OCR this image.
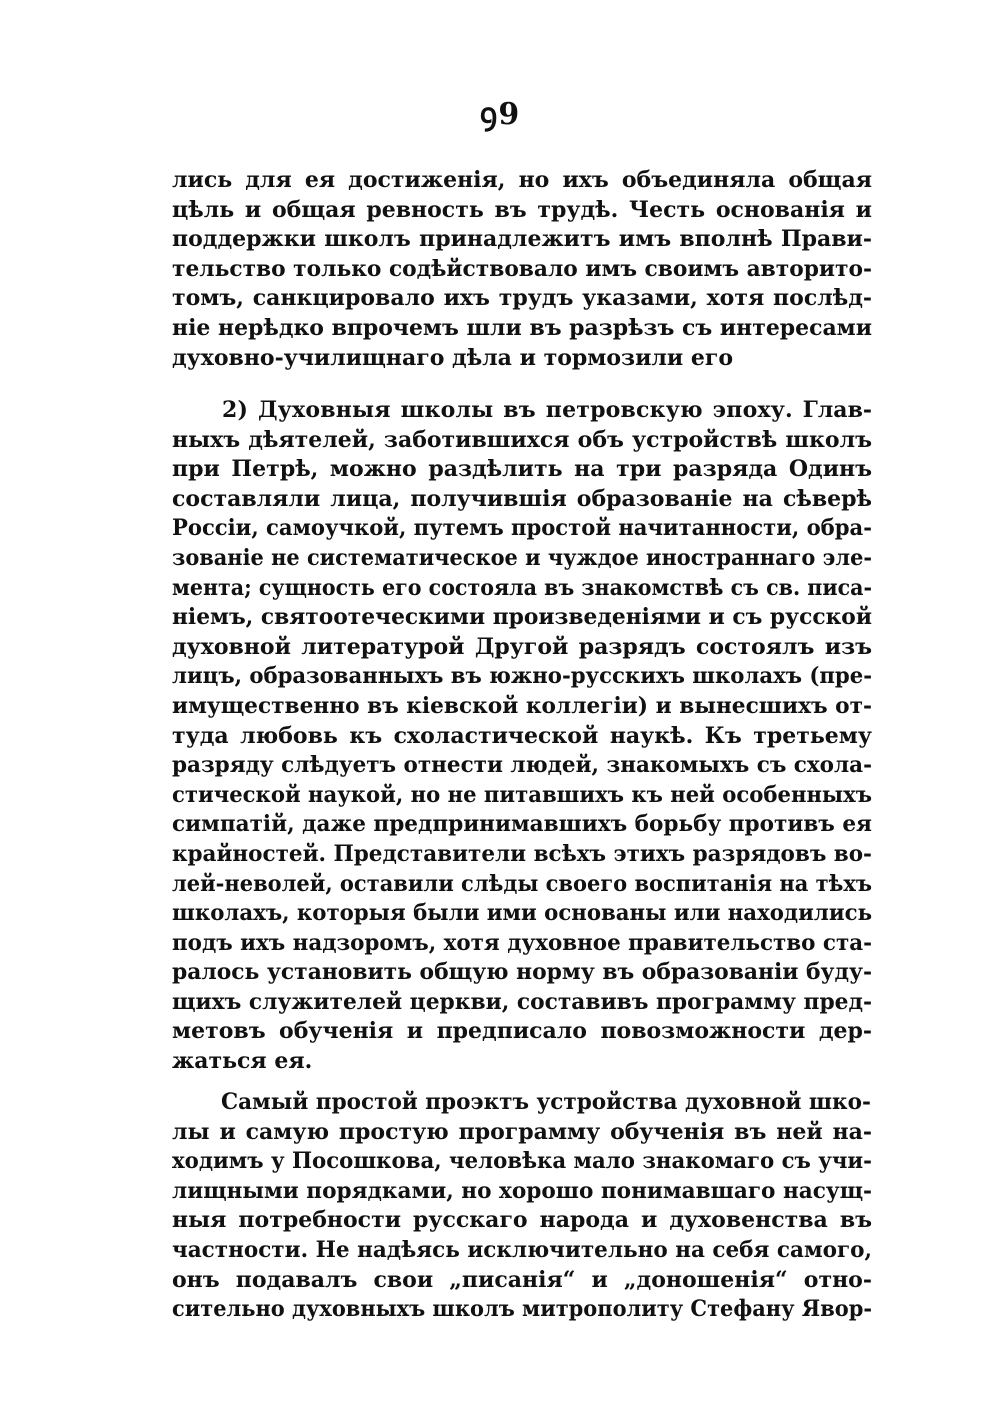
ꝯ9
лись для ея достиженія, но ихъ объединяла общая
цѣль и общая ревность въ трудѣ. Честь основанія и
поддержки школъ принадлежитъ имъ вполнѣ Прави-
тельство только содѣйствовало имъ своимъ авторито-
томъ, санкцировало ихъ трудъ указами, хотя послѣд-
ніе нерѣдко впрочемъ шли въ разрѣзъ съ интересами
духовно-училищнаго дѣла и тормозили его
2) Духовныя школы въ петровскую эпоху. Глав-
ныхъ дѣятелей, заботившихся объ устройствѣ школъ
при Петрѣ, можно раздѣлить на три разряда Одинъ
составляли лица, получившія образованіе на сѣверѣ
Россіи, самоучкой, путемъ простой начитанности, обра-
зованіе не систематическое и чуждое иностраннаго эле-
мента; сущность его состояла въ знакомствѣ съ св. писа-
ніемъ, святоотеческими произведеніями и съ русской
духовной литературой Другой разрядъ состоялъ изъ
лицъ, образованныхъ въ южно-русскихъ школахъ (пре-
имущественно въ кіевской коллегіи) и вынесшихъ от-
туда любовь къ схоластической наукѣ. Къ третьему
разряду слѣдуетъ отнести людей, знакомыхъ съ схола-
стической наукой, но не питавшихъ къ ней особенныхъ
симпатій, даже предпринимавшихъ борьбу противъ ея
крайностей. Представители всѣхъ этихъ разрядовъ во-
лей-неволей, оставили слѣды своего воспитанія на тѣхъ
школахъ, которыя были ими основаны или находились
подъ ихъ надзоромъ, хотя духовное правительство ста-
ралось установить общую норму въ образованіи буду-
щихъ служителей церкви, составивъ программу пред-
метовъ обученія и предписало повозможности дер-
жаться ея.
Самый простой проэктъ устройства духовной шко-
лы и самую простую программу обученія въ ней на-
ходимъ у Посошкова, человѣка мало знакомаго съ учи-
лищными порядками, но хорошо понимавшаго насущ-
ныя потребности русскаго народа и духовенства въ
частности. Не надѣясь исключительно на себя самого,
онъ подавалъ свои „писанія“ и „доношенія“ отно-
сительно духовныхъ школъ митрополиту Стефану Явор-
